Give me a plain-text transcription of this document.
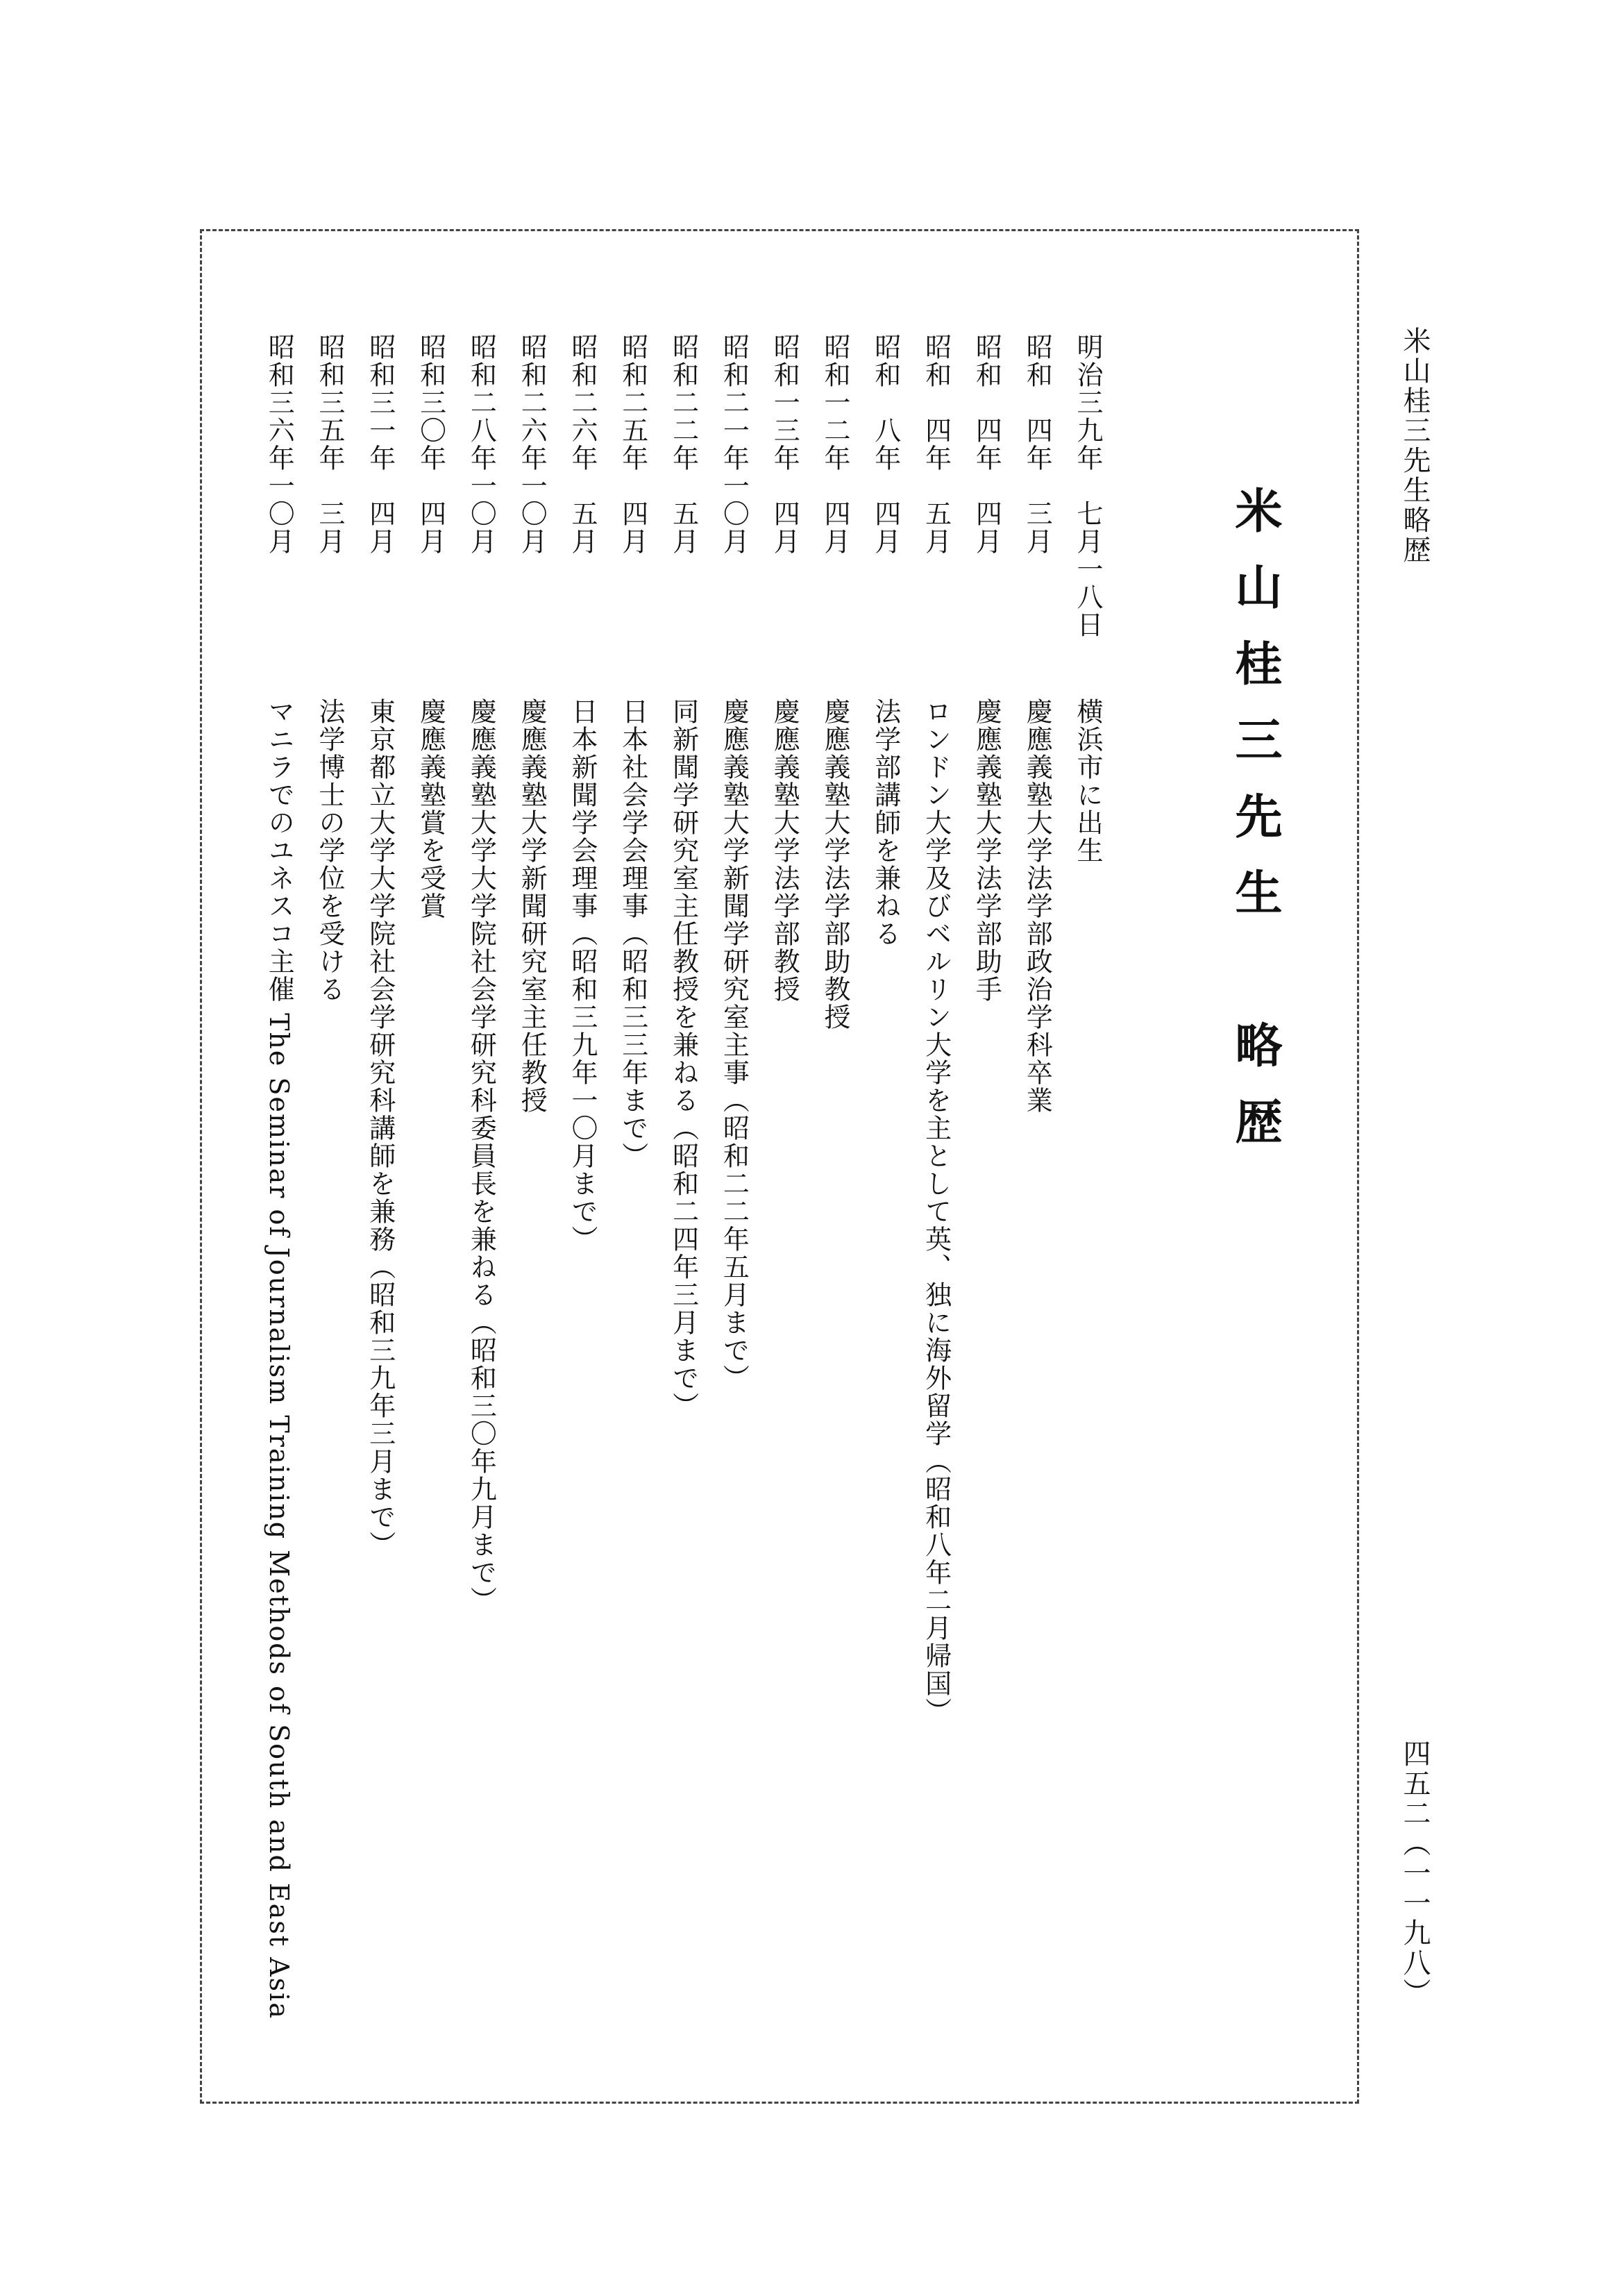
米山桂三先生略歴
四五二（一一九八）
米山桂三先生　略歴
明治三九年　七月一八日
横浜市に出生
昭和　四年　三月
慶應義塾大学法学部政治学科卒業
昭和　四年　四月
慶應義塾大学法学部助手
昭和　四年　五月
ロンドン大学及びベルリン大学を主として英、独に海外留学（昭和八年二月帰国）
昭和　八年　四月
法学部講師を兼ねる
昭和一二年　四月
慶應義塾大学法学部助教授
昭和一三年　四月
慶應義塾大学法学部教授
昭和二一年一〇月
慶應義塾大学新聞学研究室主事（昭和二二年五月まで）
昭和二二年　五月
同新聞学研究室主任教授を兼ねる（昭和二四年三月まで）
昭和二五年　四月
日本社会学会理事（昭和三三年まで）
昭和二六年　五月
日本新聞学会理事（昭和三九年一〇月まで）
昭和二六年一〇月
慶應義塾大学新聞研究室主任教授
昭和二八年一〇月
慶應義塾大学大学院社会学研究科委員長を兼ねる（昭和三〇年九月まで）
昭和三〇年　四月
慶應義塾賞を受賞
昭和三一年　四月
東京都立大学大学院社会学研究科講師を兼務（昭和三九年三月まで）
昭和三五年　三月
法学博士の学位を受ける
昭和三六年一〇月
マニラでのユネスコ主催 The Seminar of Journalism Training Methods of South and East Asia
